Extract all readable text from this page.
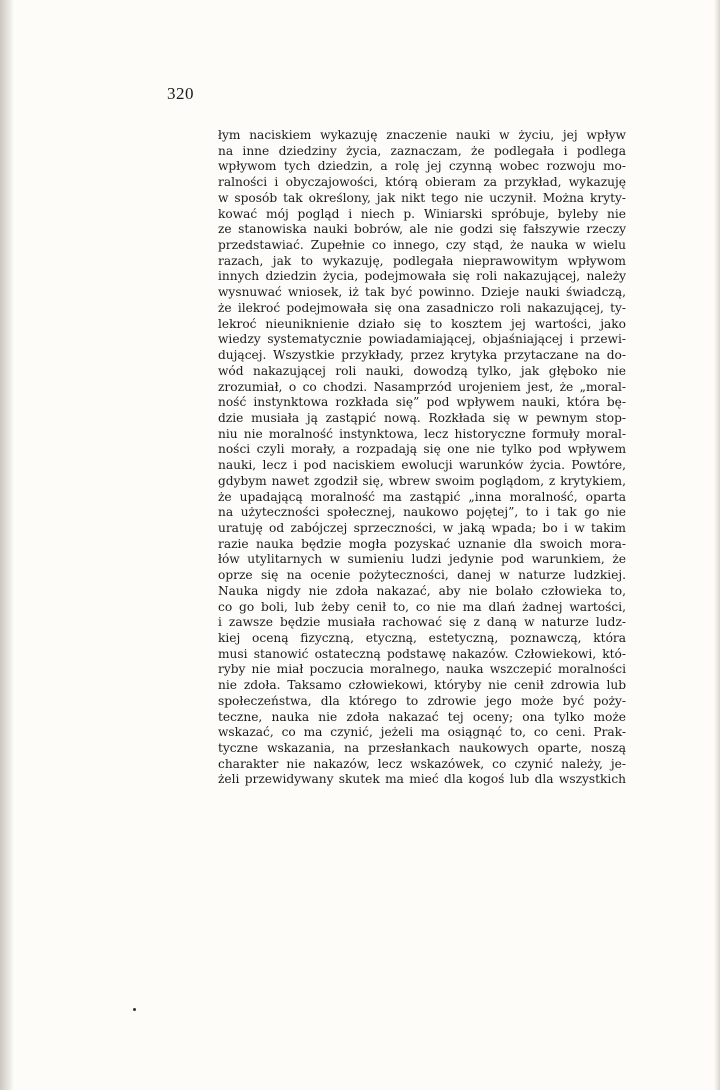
320
łym naciskiem wykazuję znaczenie nauki w życiu, jej wpływ
na inne dziedziny życia, zaznaczam, że podlegała i podlega
wpływom tych dziedzin, a rolę jej czynną wobec rozwoju mo-
ralności i obyczajowości, którą obieram za przykład, wykazuję
w sposób tak określony, jak nikt tego nie uczynił. Można kryty-
kować mój pogląd i niech p. Winiarski spróbuje, byleby nie
ze stanowiska nauki bobrów, ale nie godzi się fałszywie rzeczy
przedstawiać. Zupełnie co innego, czy stąd, że nauka w wielu
razach, jak to wykazuję, podlegała nieprawowitym wpływom
innych dziedzin życia, podejmowała się roli nakazującej, należy
wysnuwać wniosek, iż tak być powinno. Dzieje nauki świadczą,
że ilekroć podejmowała się ona zasadniczo roli nakazującej, ty-
lekroć nieuniknienie działo się to kosztem jej wartości, jako
wiedzy systematycznie powiadamiającej, objaśniającej i przewi-
dującej. Wszystkie przykłady, przez krytyka przytaczane na do-
wód nakazującej roli nauki, dowodzą tylko, jak głęboko nie
zrozumiał, o co chodzi. Nasamprzód urojeniem jest, że „moral-
ność instynktowa rozkłada się” pod wpływem nauki, która bę-
dzie musiała ją zastąpić nową. Rozkłada się w pewnym stop-
niu nie moralność instynktowa, lecz historyczne formuły moral-
ności czyli morały, a rozpadają się one nie tylko pod wpływem
nauki, lecz i pod naciskiem ewolucji warunków życia. Powtóre,
gdybym nawet zgodził się, wbrew swoim poglądom, z krytykiem,
że upadającą moralność ma zastąpić „inna moralność, oparta
na użyteczności społecznej, naukowo pojętej”, to i tak go nie
uratuję od zabójczej sprzeczności, w jaką wpada; bo i w takim
razie nauka będzie mogła pozyskać uznanie dla swoich mora-
łów utylitarnych w sumieniu ludzi jedynie pod warunkiem, że
oprze się na ocenie pożyteczności, danej w naturze ludzkiej.
Nauka nigdy nie zdoła nakazać, aby nie bolało człowieka to,
co go boli, lub żeby cenił to, co nie ma dlań żadnej wartości,
i zawsze będzie musiała rachować się z daną w naturze ludz-
kiej oceną fizyczną, etyczną, estetyczną, poznawczą, która
musi stanowić ostateczną podstawę nakazów. Człowiekowi, któ-
ryby nie miał poczucia moralnego, nauka wszczepić moralności
nie zdoła. Taksamo człowiekowi, któryby nie cenił zdrowia lub
społeczeństwa, dla którego to zdrowie jego może być poży-
teczne, nauka nie zdoła nakazać tej oceny; ona tylko może
wskazać, co ma czynić, jeżeli ma osiągnąć to, co ceni. Prak-
tyczne wskazania, na przesłankach naukowych oparte, noszą
charakter nie nakazów, lecz wskazówek, co czynić należy, je-
żeli przewidywany skutek ma mieć dla kogoś lub dla wszystkich
